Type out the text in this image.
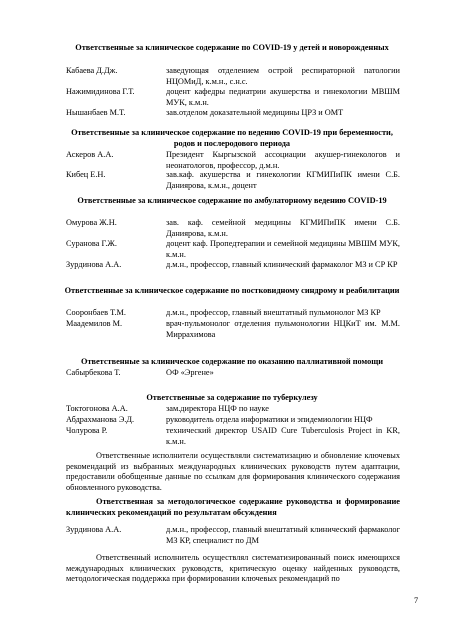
Ответственные за клиническое содержание по COVID-19 у детей и новорожденных
Кабаева Д.Дж.	заведующая отделением острой респираторной патологии НЦОМиД, к.м.н., с.н.с.
Нажимидинова Г.Т.	доцент кафедры педиатрии акушерства и гинекологии МВШМ МУК, к.м.н.
Нышанбаев М.Т.	зав.отделом доказательной медицины ЦРЗ и ОМТ
Ответственные за клиническое содержание по ведению COVID-19 при беременности, родов и послеродового периода
Аскеров А.А.	Президент Кыргызской ассоциации акушер-гинекологов и неонатологов, профессор, д.м.н.
Кибец Е.Н.	зав.каф. акушерства и гинекологии КГМИПиПК имени С.Б. Даниярова, к.м.н., доцент
Ответственные за клиническое содержание по амбулаторному ведению COVID-19
Омурова Ж.Н.	зав. каф. семейной медицины КГМИПиПК имени С.Б. Даниярова, к.м.н.
Суранова Г.Ж.	доцент каф. Пропедтерапии и семейной медицины МВШМ МУК, к.м.н.
Зурдинова А.А.	д.м.н., профессор, главный клинический фармаколог МЗ и СР КР
Ответственные за клиническое содержание по постковидному синдрому и реабилитации
Сооронбаев Т.М.	д.м.н., профессор, главный внештатный пульмонолог МЗ КР
Маадемилов М.	врач-пульмонолог отделения пульмонологии НЦКиТ им. М.М. Миррахимова
Ответственные за клиническое содержание по оказанию паллиативной помощи
Сабырбекова Т.	ОФ «Эргене»
Ответственные за содержание по туберкулезу
Токтогонова А.А.	зам.директора НЦФ по науке
Абдрахманова Э.Д.	руководитель отдела информатики и эпидемиологии НЦФ
Чолурова Р.	технический директор USAID Cure Tuberculosis Project in KR, к.м.н.
Ответственные исполнители осуществляли систематизацию и обновление ключевых рекомендаций из выбранных международных клинических руководств путем адаптации, предоставили обобщенные данные по ссылкам для формирования клинического содержания обновленного руководства.
Ответственная за методологическое содержание руководства и формирование клинических рекомендаций по результатам обсуждения
Зурдинова А.А.	д.м.н., профессор, главный внештатный клинический фармаколог МЗ КР, специалист по ДМ
Ответственный исполнитель осуществлял систематизированный поиск имеющихся международных клинических руководств, критическую оценку найденных руководств, методологическая поддержка при формировании ключевых рекомендаций по
7
